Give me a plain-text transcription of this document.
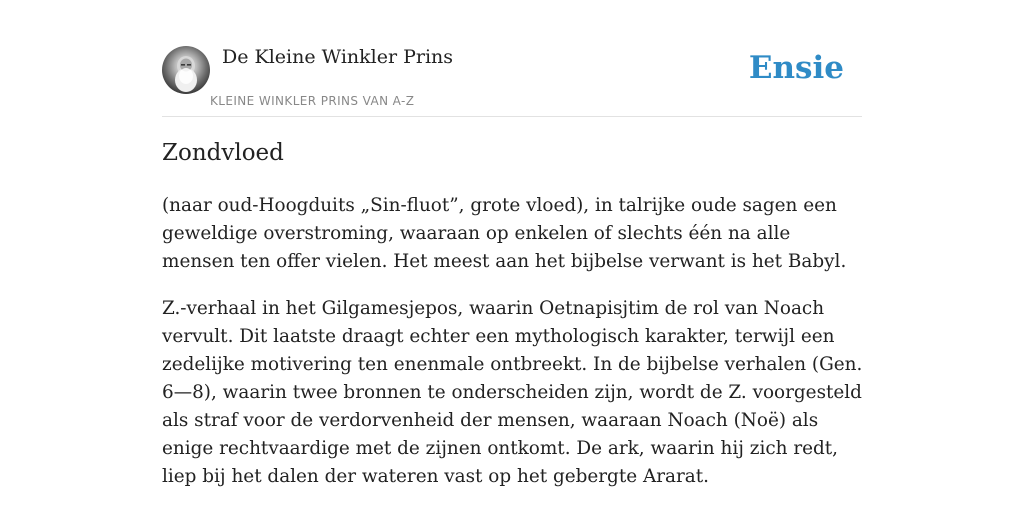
De Kleine Winkler Prins
KLEINE WINKLER PRINS VAN A-Z
Ensie
Zondvloed

(naar oud-Hoogduits „Sin-fluot”, grote vloed), in talrijke oude sagen een geweldige overstroming, waaraan op enkelen of slechts één na alle mensen ten offer vielen. Het meest aan het bijbelse verwant is het Babyl.

Z.-verhaal in het Gilgamesjepos, waarin Oetnapisjtim de rol van Noach vervult. Dit laatste draagt echter een mythologisch karakter, terwijl een zedelijke motivering ten enenmale ontbreekt. In de bijbelse verhalen (Gen. 6—8), waarin twee bronnen te onderscheiden zijn, wordt de Z. voorgesteld als straf voor de verdorvenheid der mensen, waaraan Noach (Noë) als enige rechtvaardige met de zijnen ontkomt. De ark, waarin hij zich redt, liep bij het dalen der wateren vast op het gebergte Ararat.
